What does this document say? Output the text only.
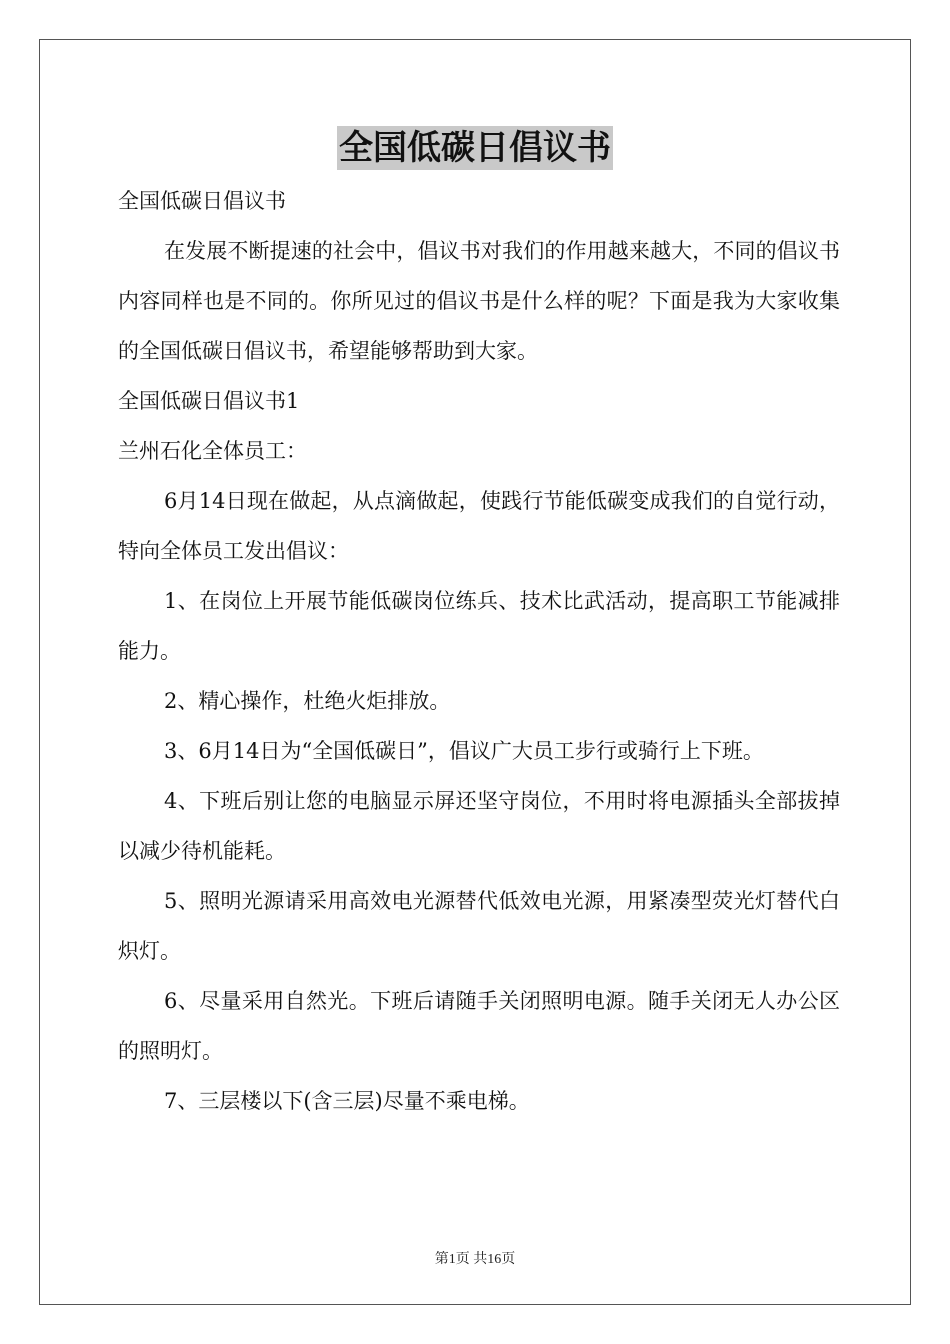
全国低碳日倡议书

全国低碳日倡议书

在发展不断提速的社会中，倡议书对我们的作用越来越大，不同的倡议书内容同样也是不同的。你所见过的倡议书是什么样的呢？下面是我为大家收集的全国低碳日倡议书，希望能够帮助到大家。

全国低碳日倡议书1

兰州石化全体员工：

6月14日现在做起，从点滴做起，使践行节能低碳变成我们的自觉行动，特向全体员工发出倡议：

1、在岗位上开展节能低碳岗位练兵、技术比武活动，提高职工节能减排能力。

2、精心操作，杜绝火炬排放。

3、6月14日为“全国低碳日”，倡议广大员工步行或骑行上下班。

4、下班后别让您的电脑显示屏还坚守岗位，不用时将电源插头全部拔掉以减少待机能耗。

5、照明光源请采用高效电光源替代低效电光源，用紧凑型荧光灯替代白炽灯。

6、尽量采用自然光。下班后请随手关闭照明电源。随手关闭无人办公区的照明灯。

7、三层楼以下(含三层)尽量不乘电梯。

第1页 共16页
